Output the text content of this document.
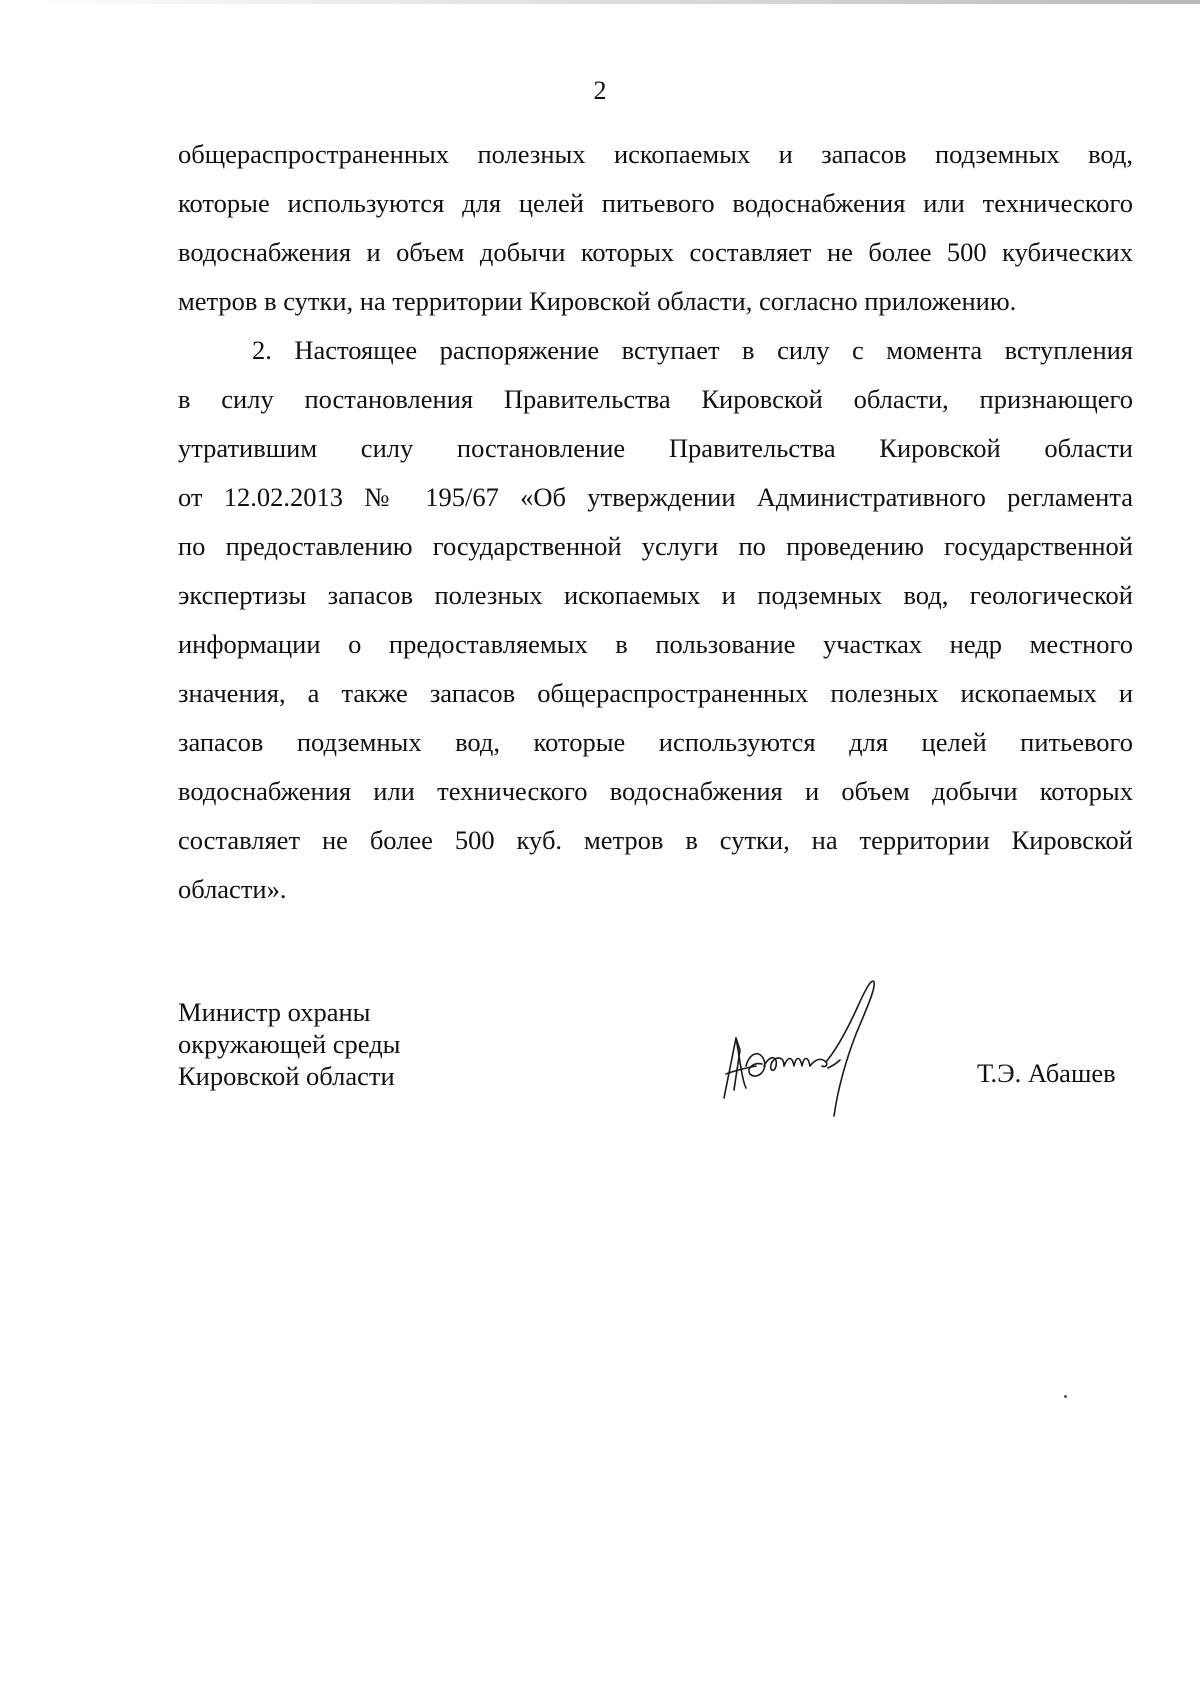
2
общераспространенных полезных ископаемых и запасов подземных вод,
которые используются для целей питьевого водоснабжения или технического
водоснабжения и объем добычи которых составляет не более 500 кубических
метров в сутки, на территории Кировской области, согласно приложению.
2. Настоящее распоряжение вступает в силу с момента вступления
в силу постановления Правительства Кировской области, признающего
утратившим силу постановление Правительства Кировской области
от 12.02.2013 № 195/67 «Об утверждении Административного регламента
по предоставлению государственной услуги по проведению государственной
экспертизы запасов полезных ископаемых и подземных вод, геологической
информации о предоставляемых в пользование участках недр местного
значения, а также запасов общераспространенных полезных ископаемых и
запасов подземных вод, которые используются для целей питьевого
водоснабжения или технического водоснабжения и объем добычи которых
составляет не более 500 куб. метров в сутки, на территории Кировской
области».
Министр охраны
окружающей среды
Кировской области	Т.Э. Абашев
